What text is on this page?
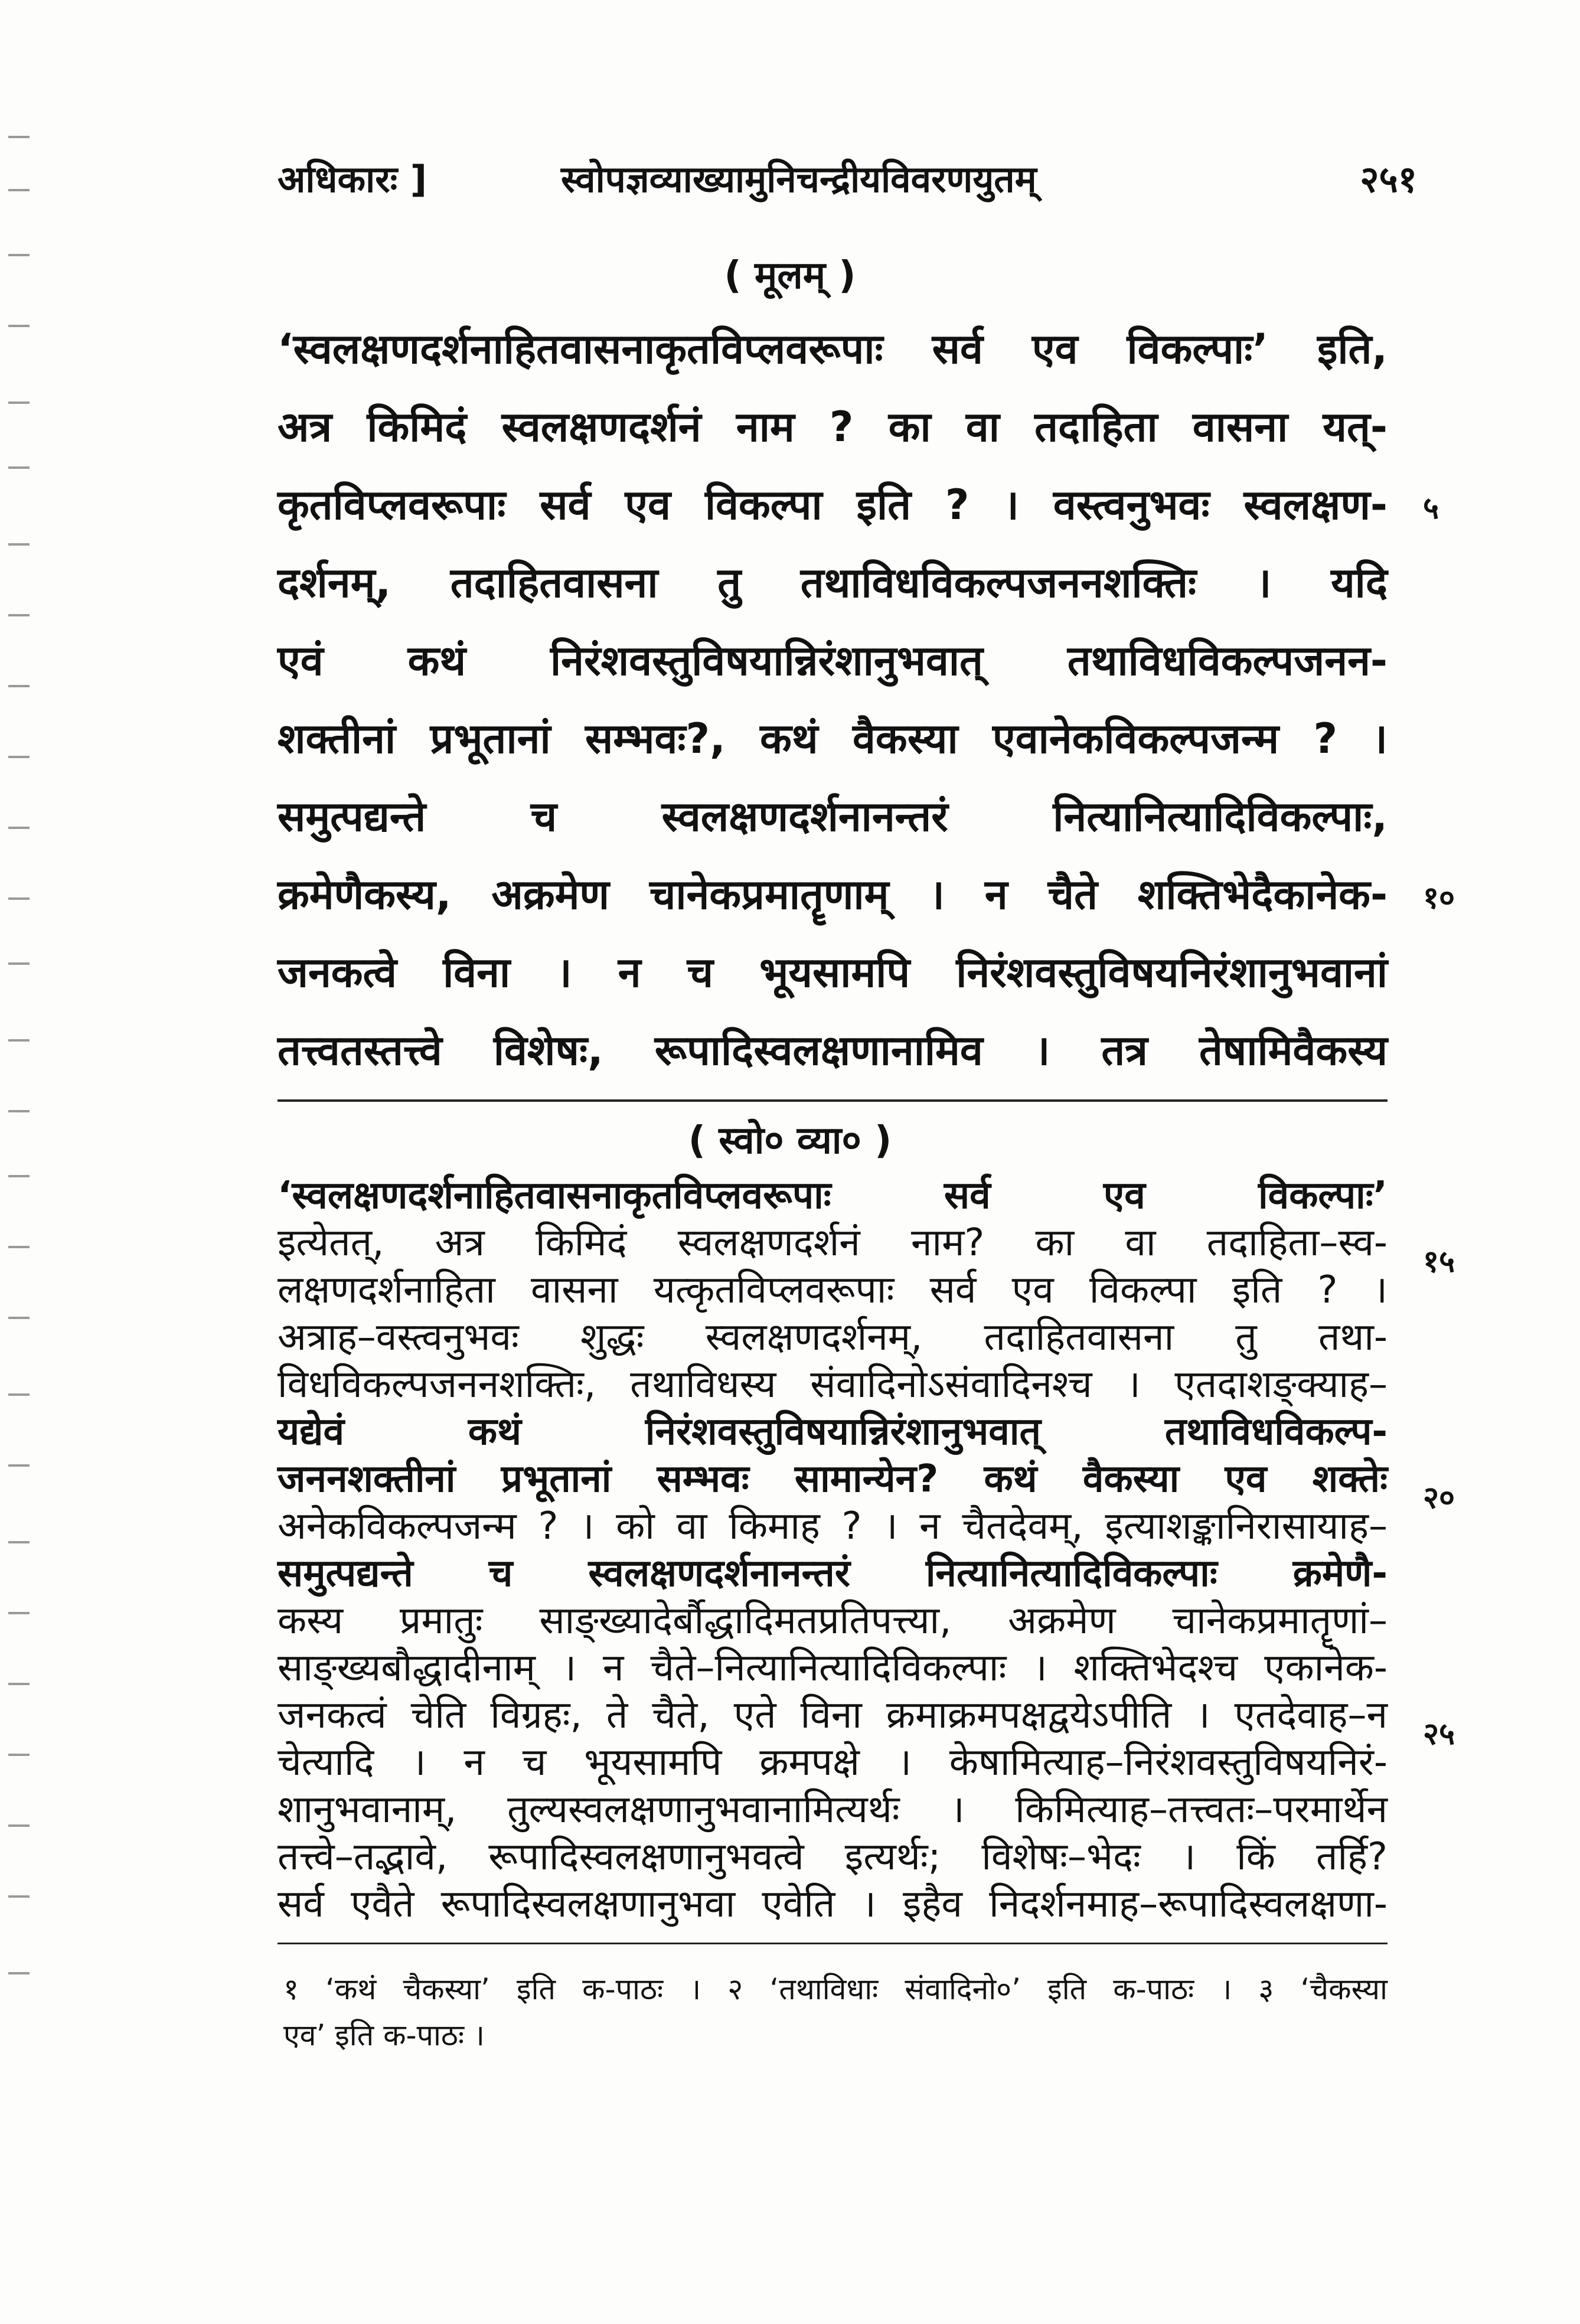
अधिकारः ]	स्वोपज्ञव्याख्यामुनिचन्द्रीयविवरणयुतम्	२५१
( मूलम् )
‘स्वलक्षणदर्शनाहितवासनाकृतविप्लवरूपाः सर्व एव विकल्पाः’ इति,
अत्र किमिदं स्वलक्षणदर्शनं नाम ? का वा तदाहिता वासना यत्-
कृतविप्लवरूपाः सर्व एव विकल्पा इति ? । वस्त्वनुभवः स्वलक्षण-
दर्शनम्, तदाहितवासना तु तथाविधविकल्पजननशक्तिः । यदि
एवं कथं निरंशवस्तुविषयान्निरंशानुभवात् तथाविधविकल्पजनन-
शक्तीनां प्रभूतानां सम्भवः?, कथं वैकस्या एवानेकविकल्पजन्म ? ।
समुत्पद्यन्ते च स्वलक्षणदर्शनानन्तरं नित्यानित्यादिविकल्पाः,
क्रमेणैकस्य, अक्रमेण चानेकप्रमातॄणाम् । न चैते शक्तिभेदैकानेक-
जनकत्वे विना । न च भूयसामपि निरंशवस्तुविषयनिरंशानुभवानां
तत्त्वतस्तत्त्वे विशेषः, रूपादिस्वलक्षणानामिव । तत्र तेषामिवैकस्य
( स्वो० व्या० )
‘स्वलक्षणदर्शनाहितवासनाकृतविप्लवरूपाः सर्व एव विकल्पाः’
इत्येतत्, अत्र किमिदं स्वलक्षणदर्शनं नाम? का वा तदाहिता–स्व-
लक्षणदर्शनाहिता वासना यत्कृतविप्लवरूपाः सर्व एव विकल्पा इति ? ।
अत्राह–वस्त्वनुभवः शुद्धः स्वलक्षणदर्शनम्, तदाहितवासना तु तथा-
विधविकल्पजननशक्तिः, तथाविधस्य संवादिनोऽसंवादिनश्च । एतदाशङ्क्याह–
यद्येवं कथं निरंशवस्तुविषयान्निरंशानुभवात् तथाविधविकल्प-
जननशक्तीनां प्रभूतानां सम्भवः सामान्येन? कथं वैकस्या एव शक्तेः
अनेकविकल्पजन्म ? । को वा किमाह ? । न चैतदेवम्, इत्याशङ्कानिरासायाह–
समुत्पद्यन्ते च स्वलक्षणदर्शनानन्तरं नित्यानित्यादिविकल्पाः क्रमेणै-
कस्य प्रमातुः साङ्ख्यादेर्बौद्धादिमतप्रतिपत्त्या, अक्रमेण चानेकप्रमातॄणां–
साङ्ख्यबौद्धादीनाम् । न चैते–नित्यानित्यादिविकल्पाः । शक्तिभेदश्च एकानेक-
जनकत्वं चेति विग्रहः, ते चैते, एते विना क्रमाक्रमपक्षद्वयेऽपीति । एतदेवाह–न
चेत्यादि । न च भूयसामपि क्रमपक्षे । केषामित्याह–निरंशवस्तुविषयनिरं-
शानुभवानाम्, तुल्यस्वलक्षणानुभवानामित्यर्थः । किमित्याह–तत्त्वतः–परमार्थेन
तत्त्वे–तद्भावे, रूपादिस्वलक्षणानुभवत्वे इत्यर्थः; विशेषः–भेदः । किं तर्हि?
सर्व एवैते रूपादिस्वलक्षणानुभवा एवेति । इहैव निदर्शनमाह–रूपादिस्वलक्षणा-
१ ‘कथं चैकस्या’ इति क-पाठः । २ ‘तथाविधाः संवादिनो०’ इति क-पाठः । ३ ‘चैकस्या
एव’ इति क-पाठः ।
५
१०
१५
२०
२५
